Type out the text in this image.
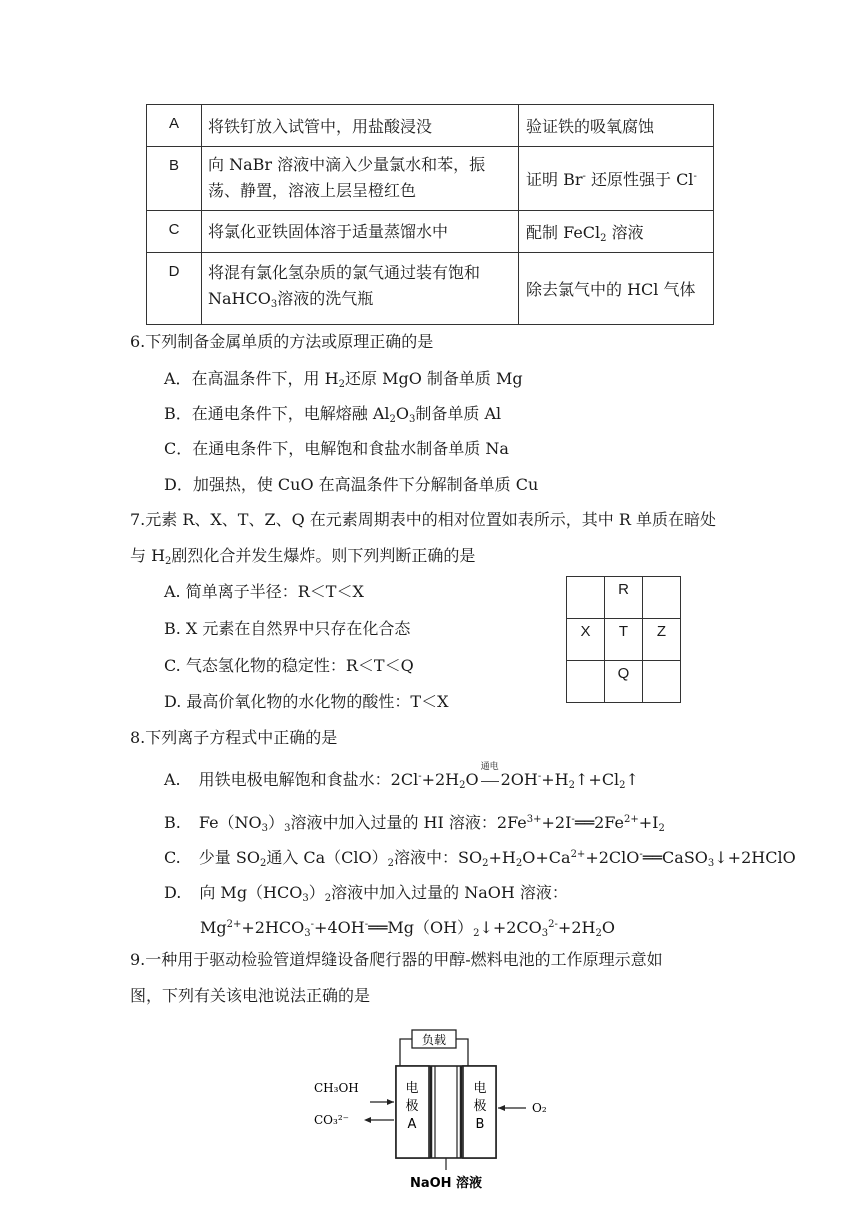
A	将铁钉放入试管中，用盐酸浸没	验证铁的吸氧腐蚀
B	向 NaBr 溶液中滴入少量氯水和苯，振荡、静置，溶液上层呈橙红色	证明 Br- 还原性强于 Cl-
C	将氯化亚铁固体溶于适量蒸馏水中	配制 FeCl$_2$ 溶液
D	将混有氯化氢杂质的氯气通过装有饱和 NaHCO$_3$溶液的洗气瓶	除去氯气中的 HCl 气体
6.下列制备金属单质的方法或原理正确的是
A．在高温条件下，用 $H_2$还原 MgO 制备单质 Mg
B．在通电条件下，电解熔融 $Al_2O_3$制备单质 Al
C．在通电条件下，电解饱和食盐水制备单质 Na
D．加强热，使 CuO 在高温条件下分解制备单质 Cu
7.元素 R、X、T、Z、Q 在元素周期表中的相对位置如表所示，其中 R 单质在暗处
与 $H_2$剧烈化合并发生爆炸。则下列判断正确的是
A. 简单离子半径：R＜T＜X
B. X 元素在自然界中只存在化合态
C. 气态氢化物的稳定性：R＜T＜Q
D. 最高价氧化物的水化物的酸性：T＜X
	R	
X	T	Z
	Q	
8.下列离子方程式中正确的是
A. 用铁电极电解饱和食盐水：$2Cl^-+2H_2O$
通电
$2OH^-+H_2↑+Cl_2↑$
B. $Fe(NO_3)_3$溶液中加入过量的 HI 溶液：$2Fe^{3+}+2I^-══2Fe^{2+}+I_2$
C. 少量 $SO_2$通入 $Ca(ClO)_2$溶液中：$SO_2+H_2O+Ca^{2+}+2ClO^-══CaSO_3↓+2HClO$
D. 向 $Mg(HCO_3)_2$溶液中加入过量的 NaOH 溶液：
$Mg^{2+}+2HCO_3^-+4OH^-══Mg(OH)_2↓+2CO_3^{2-}+2H_2O$
9.一种用于驱动检验管道焊缝设备爬行器的甲醇-燃料电池的工作原理示意如
图，下列有关该电池说法正确的是
负载
电
极
A
电
极
B
CH₃OH
CO₃²⁻
O₂
NaOH 溶液
